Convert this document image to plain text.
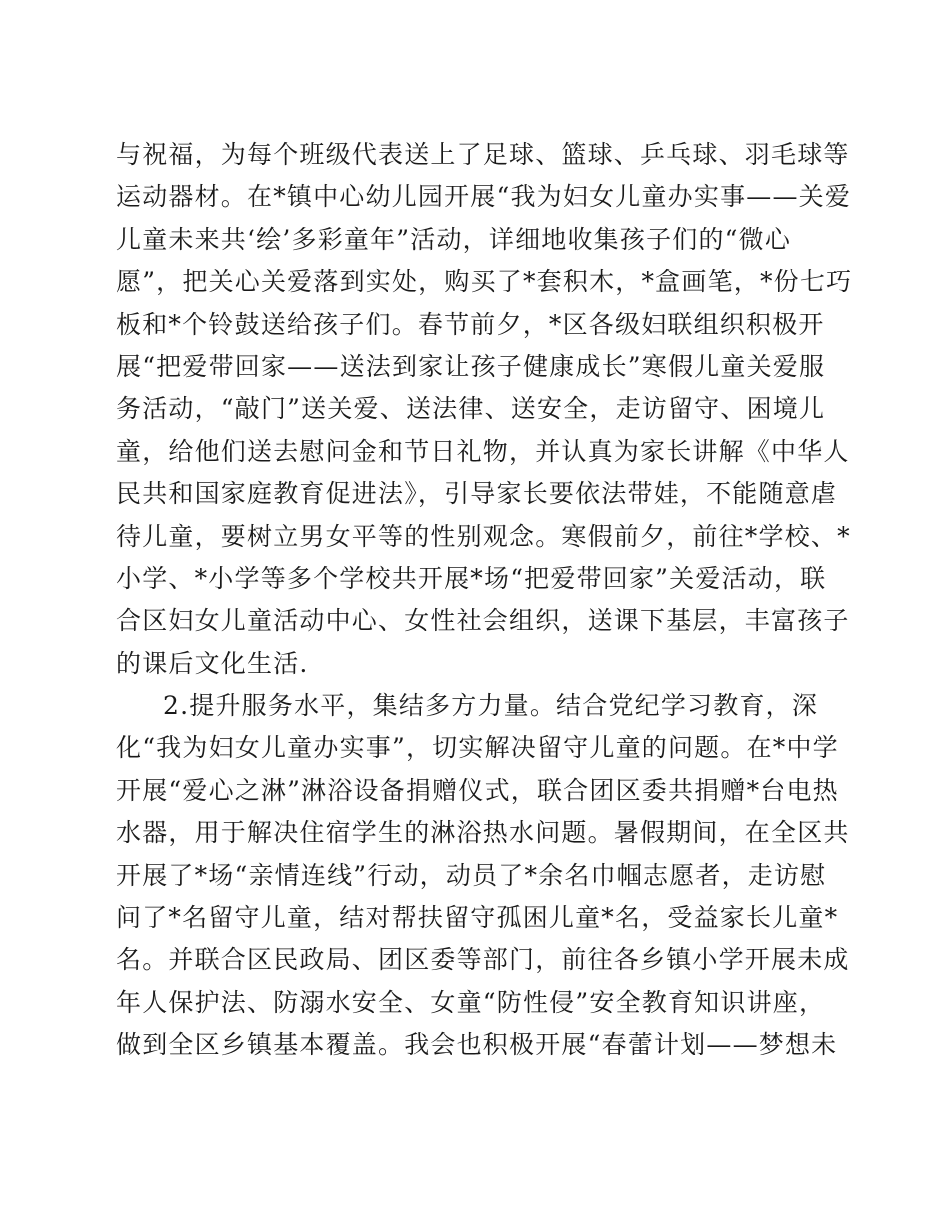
与祝福，为每个班级代表送上了足球、篮球、乒乓球、羽毛球等
运动器材。在*镇中心幼儿园开展“我为妇女儿童办实事——关爱
儿童未来共‘绘’多彩童年”活动，详细地收集孩子们的“微心
愿”，把关心关爱落到实处，购买了*套积木，*盒画笔，*份七巧
板和*个铃鼓送给孩子们。春节前夕，*区各级妇联组织积极开
展“把爱带回家——送法到家让孩子健康成长”寒假儿童关爱服
务活动，“敲门”送关爱、送法律、送安全，走访留守、困境儿
童，给他们送去慰问金和节日礼物，并认真为家长讲解《中华人
民共和国家庭教育促进法》，引导家长要依法带娃，不能随意虐
待儿童，要树立男女平等的性别观念。寒假前夕，前往*学校、*
小学、*小学等多个学校共开展*场“把爱带回家”关爱活动，联
合区妇女儿童活动中心、女性社会组织，送课下基层，丰富孩子
的课后文化生活.
2.提升服务水平，集结多方力量。结合党纪学习教育，深
化“我为妇女儿童办实事”，切实解决留守儿童的问题。在*中学
开展“爱心之淋”淋浴设备捐赠仪式，联合团区委共捐赠*台电热
水器，用于解决住宿学生的淋浴热水问题。暑假期间，在全区共
开展了*场“亲情连线”行动，动员了*余名巾帼志愿者，走访慰
问了*名留守儿童，结对帮扶留守孤困儿童*名，受益家长儿童*
名。并联合区民政局、团区委等部门，前往各乡镇小学开展未成
年人保护法、防溺水安全、女童“防性侵”安全教育知识讲座，
做到全区乡镇基本覆盖。我会也积极开展“春蕾计划——梦想未
